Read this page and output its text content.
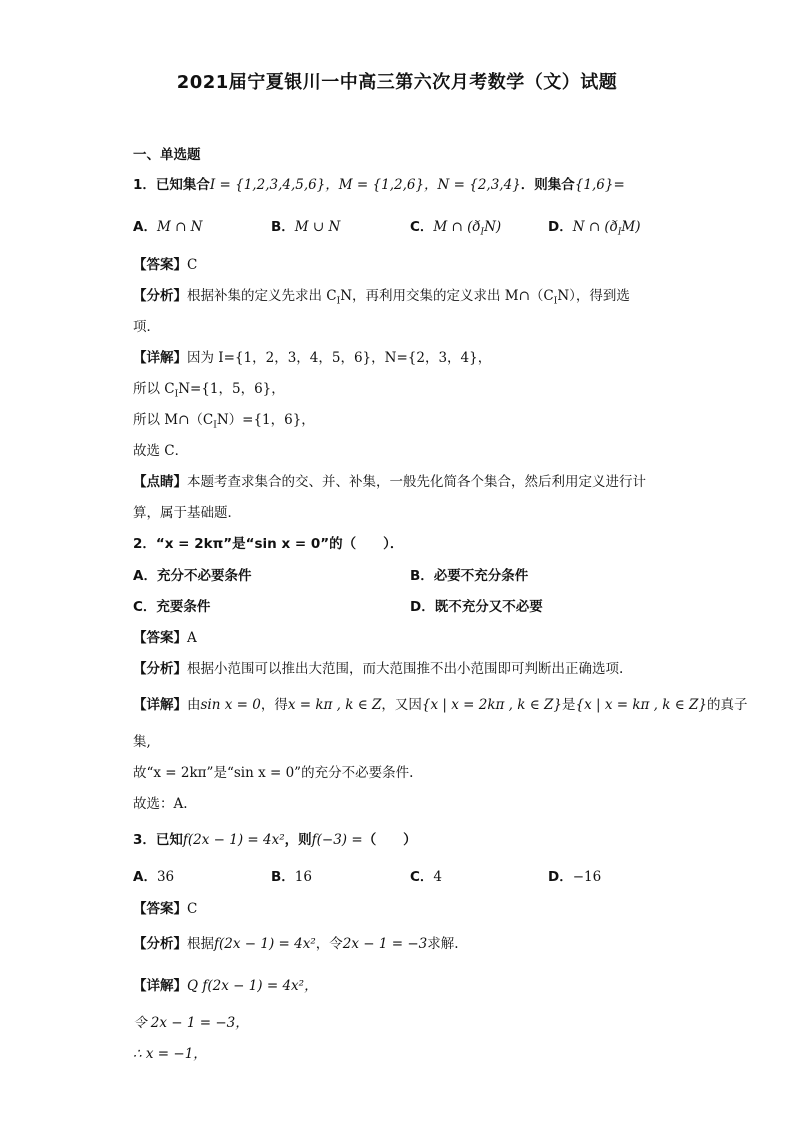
2021届宁夏银川一中高三第六次月考数学（文）试题
一、单选题
1．已知集合I = {1,2,3,4,5,6}，M = {1,2,6}，N = {2,3,4}．则集合{1,6}=
A．M ∩ N	B．M ∪ N	C．M ∩ $(ð_IN)$	D．N ∩ $(ð_IM)$
【答案】C
【分析】根据补集的定义先求出 $C_IN$，再利用交集的定义求出 $M\cap(C_IN)$，得到选
项．
【详解】因为 I={1，2，3，4，5，6}，N={2，3，4}，
所以 $C_IN=\{1$，5，6}，
所以 $M\cap(C_IN)=\{1$，6}，
故选 C．
【点睛】本题考查求集合的交、并、补集，一般先化简各个集合，然后利用定义进行计
算，属于基础题．
2．“x = 2kπ”是“sin x = 0”的（　　）．
A．充分不必要条件	B．必要不充分条件
C．充要条件	D．既不充分又不必要
【答案】A
【分析】根据小范围可以推出大范围，而大范围推不出小范围即可判断出正确选项.
【详解】由sin x = 0，得x = kπ , k ∈ Z，又因{x | x = 2kπ , k ∈ Z}是{x | x = kπ , k ∈ Z}的真子
集,
故“x = 2kπ”是“sin x = 0”的充分不必要条件.
故选：A.
3．已知f(2x − 1) = 4x²，则f(−3) =（　　）
A．36	B．16	C．4	D．−16
【答案】C
【分析】根据f(2x − 1) = 4x²，令2x − 1 = −3求解.
【详解】Q f(2x − 1) = 4x²，
令 2x − 1 = −3，
∴ x = −1，
